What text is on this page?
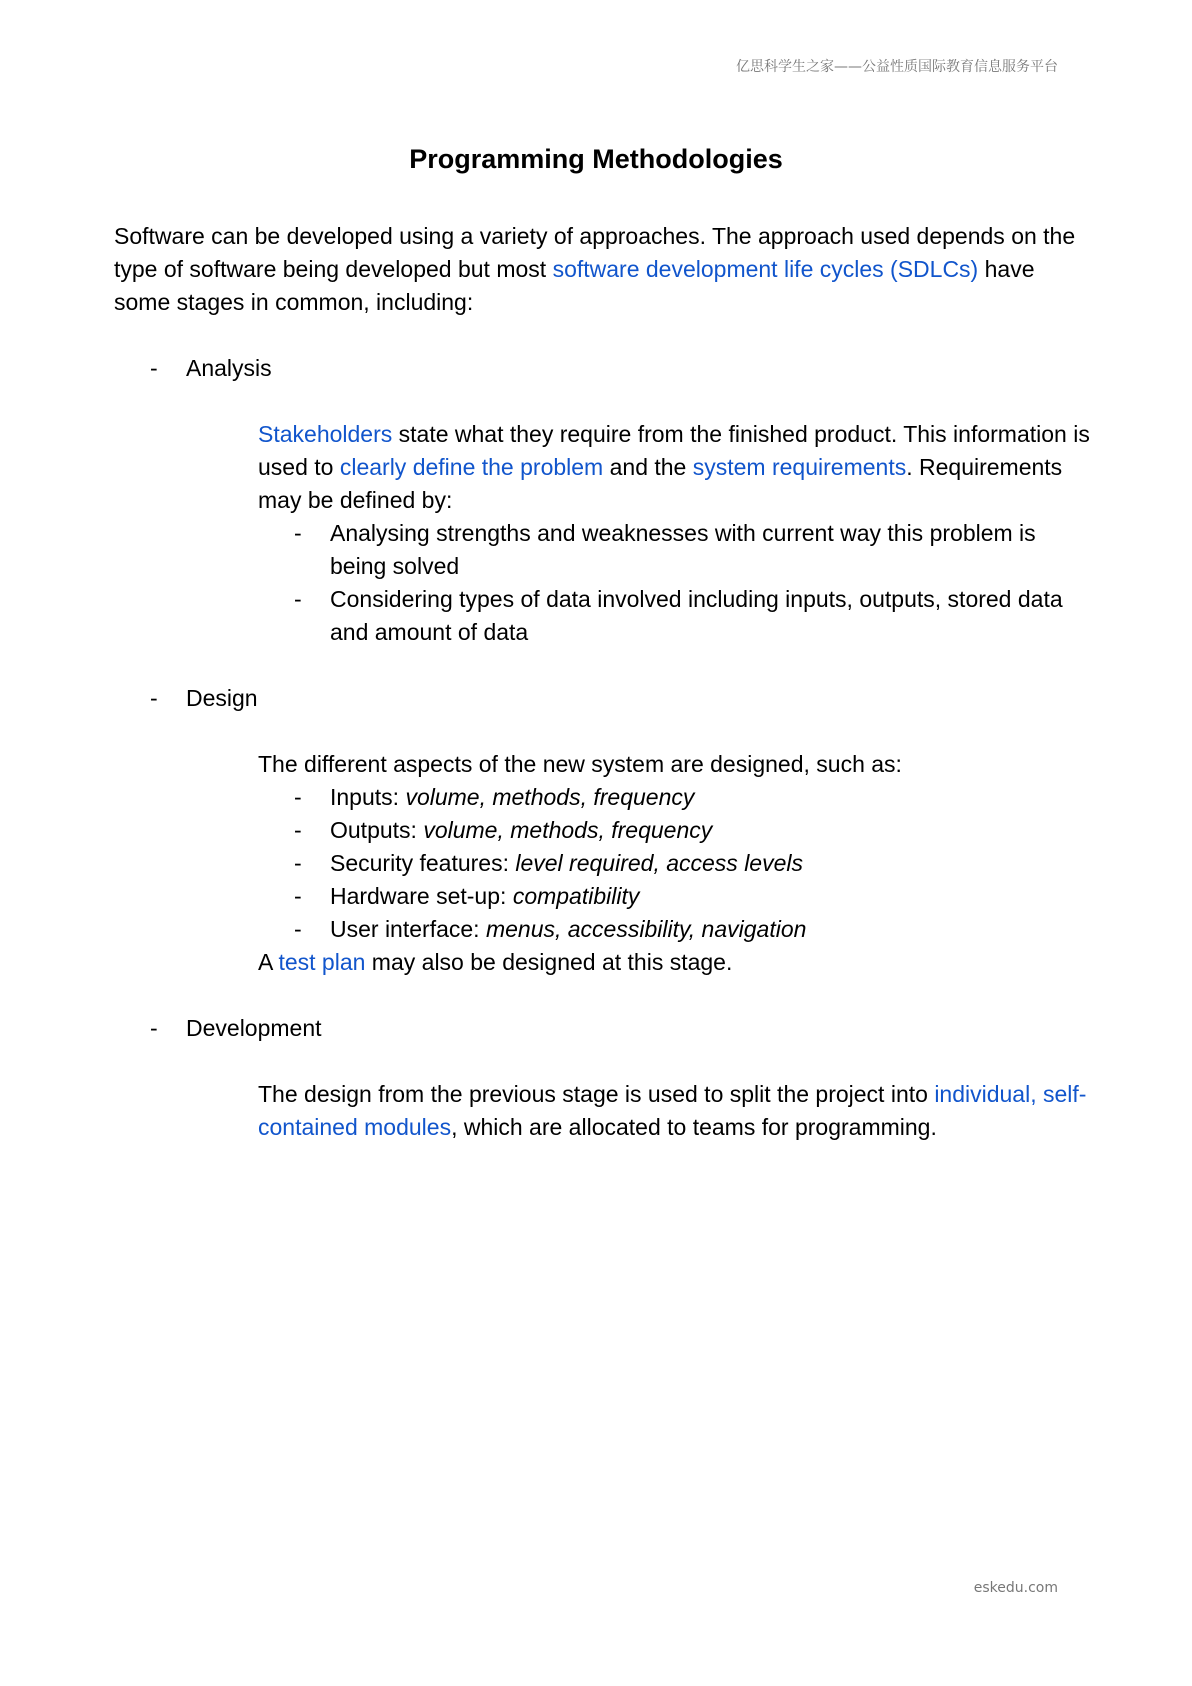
亿思科学生之家——公益性质国际教育信息服务平台
Programming Methodologies

Software can be developed using a variety of approaches. The approach used depends on the type of software being developed but most software development life cycles (SDLCs) have some stages in common, including:

- Analysis

Stakeholders state what they require from the finished product. This information is used to clearly define the problem and the system requirements. Requirements may be defined by:

- Analysing strengths and weaknesses with current way this problem is being solved
- Considering types of data involved including inputs, outputs, stored data and amount of data
- Design

The different aspects of the new system are designed, such as:

- Inputs: volume, methods, frequency
- Outputs: volume, methods, frequency
- Security features: level required, access levels
- Hardware set-up: compatibility
- User interface: menus, accessibility, navigation

A test plan may also be designed at this stage.

- Development

The design from the previous stage is used to split the project into individual, self-contained modules, which are allocated to teams for programming.

eskedu.com
